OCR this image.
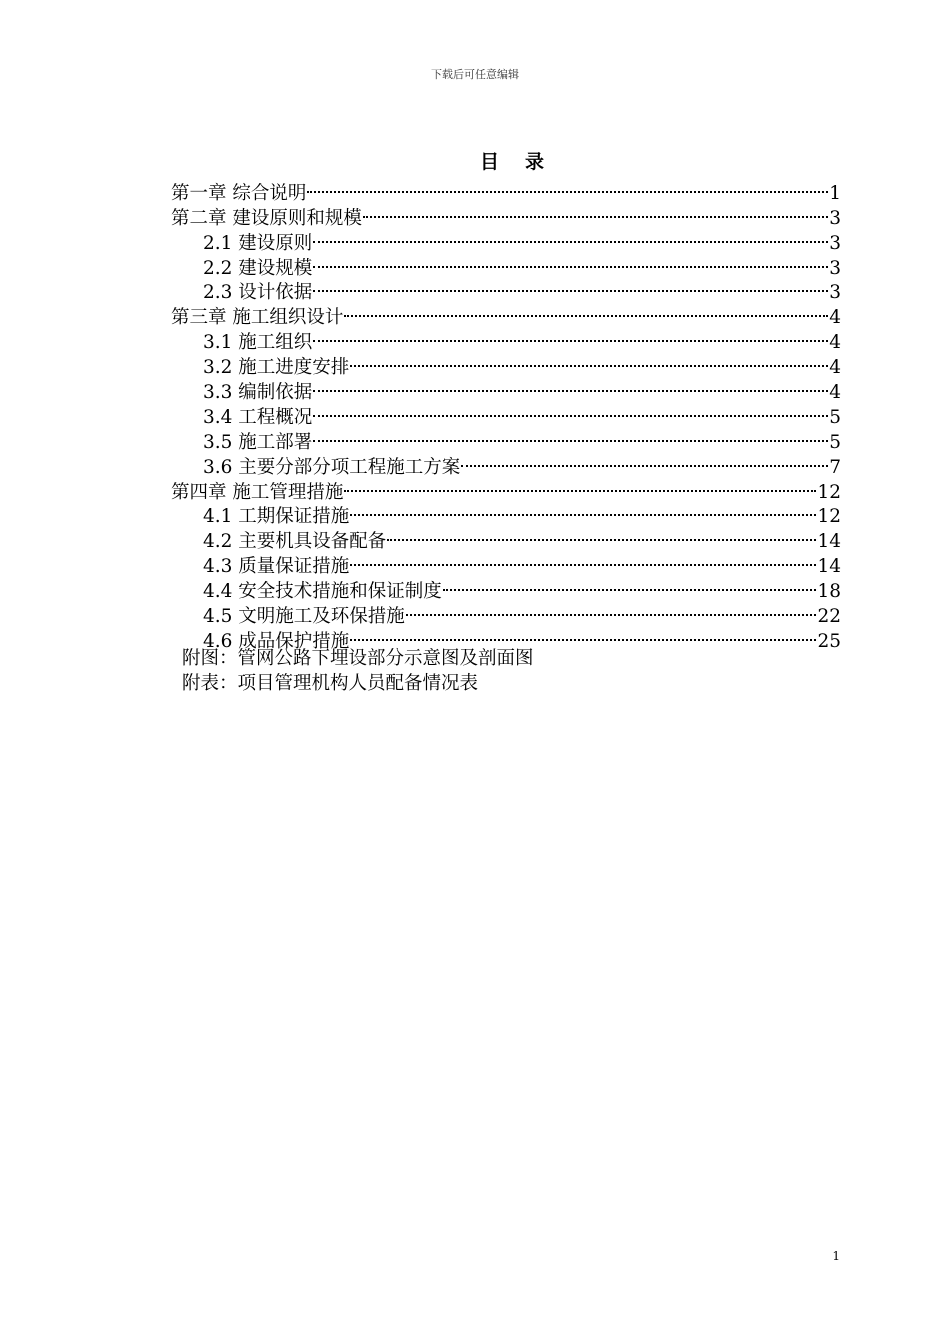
下载后可任意编辑
目 录
第一章 综合说明	1
第二章 建设原则和规模	3
2.1 建设原则	3
2.2 建设规模	3
2.3 设计依据	3
第三章 施工组织设计	4
3.1 施工组织	4
3.2 施工进度安排	4
3.3 编制依据	4
3.4 工程概况	5
3.5 施工部署	5
3.6 主要分部分项工程施工方案	7
第四章 施工管理措施	12
4.1 工期保证措施	12
4.2 主要机具设备配备	14
4.3 质量保证措施	14
4.4 安全技术措施和保证制度	18
4.5 文明施工及环保措施	22
4.6 成品保护措施	25
附图：管网公路下埋设部分示意图及剖面图
附表：项目管理机构人员配备情况表
1
